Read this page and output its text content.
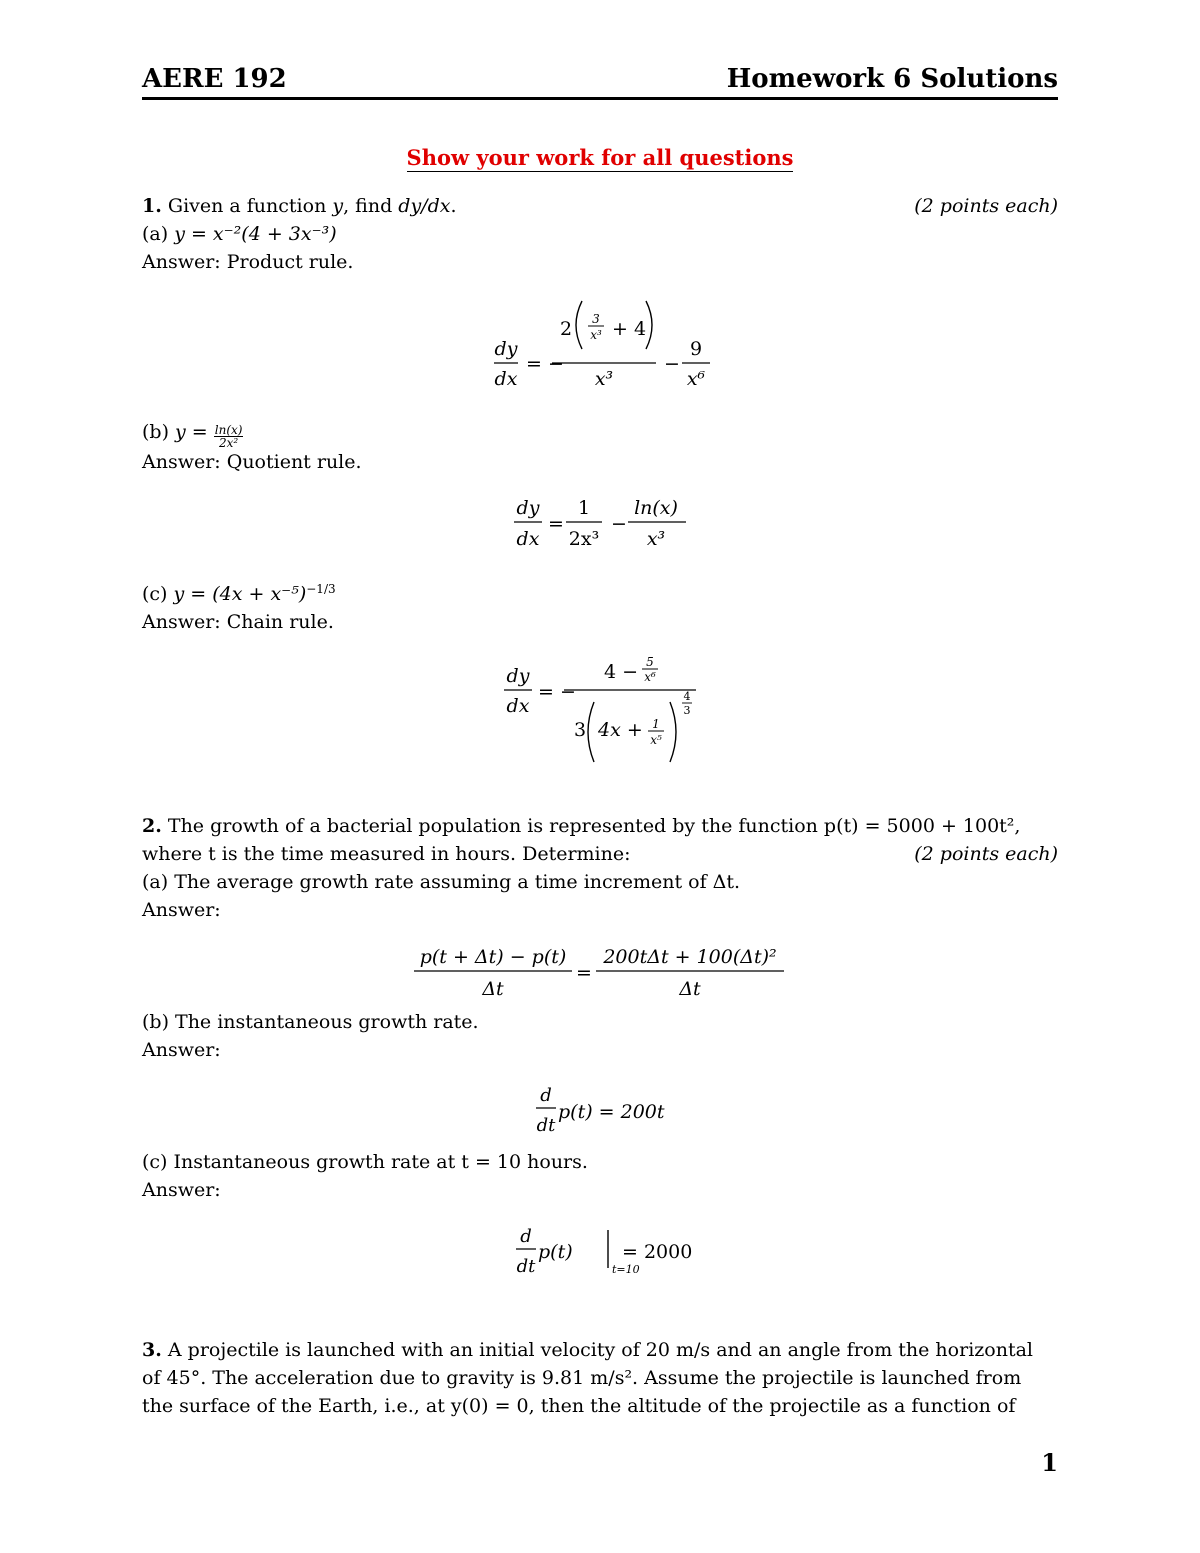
AERE 192	Homework 6 Solutions
Show your work for all questions
1. Given a function y, find dy/dx.	(2 points each)
(a) y = x⁻²(4 + 3x⁻³)
Answer: Product rule.
dy
dx
= −
2 3
x³ + 4
x³
−
9
x⁶
(b) $y = \frac{\ln(x)}{\text{2x²}}$
Answer: Quotient rule.
dy
dx
=
1
2x³
−
ln(x)
x³
(c) $y = (4x + x^{-5})^{-1/3}$
Answer: Chain rule.
dy
dx
= −
4 − 5
x⁶
3 4x + 1
x⁵
4
3
2. The growth of a bacterial population is represented by the function p(t) = 5000 + 100t²,
where t is the time measured in hours. Determine:	(2 points each)
(a) The average growth rate assuming a time increment of Δt.
Answer:
p(t + Δt) − p(t)
Δt
=
200tΔt + 100(Δt)²
Δt
(b) The instantaneous growth rate.
Answer:
d
dt
p(t) = 200t
(c) Instantaneous growth rate at t = 10 hours.
Answer:
d
dt
p(t)
t=10
= 2000
3. A projectile is launched with an initial velocity of 20 m/s and an angle from the horizontal
of 45°. The acceleration due to gravity is 9.81 m/s². Assume the projectile is launched from
the surface of the Earth, i.e., at y(0) = 0, then the altitude of the projectile as a function of
1
